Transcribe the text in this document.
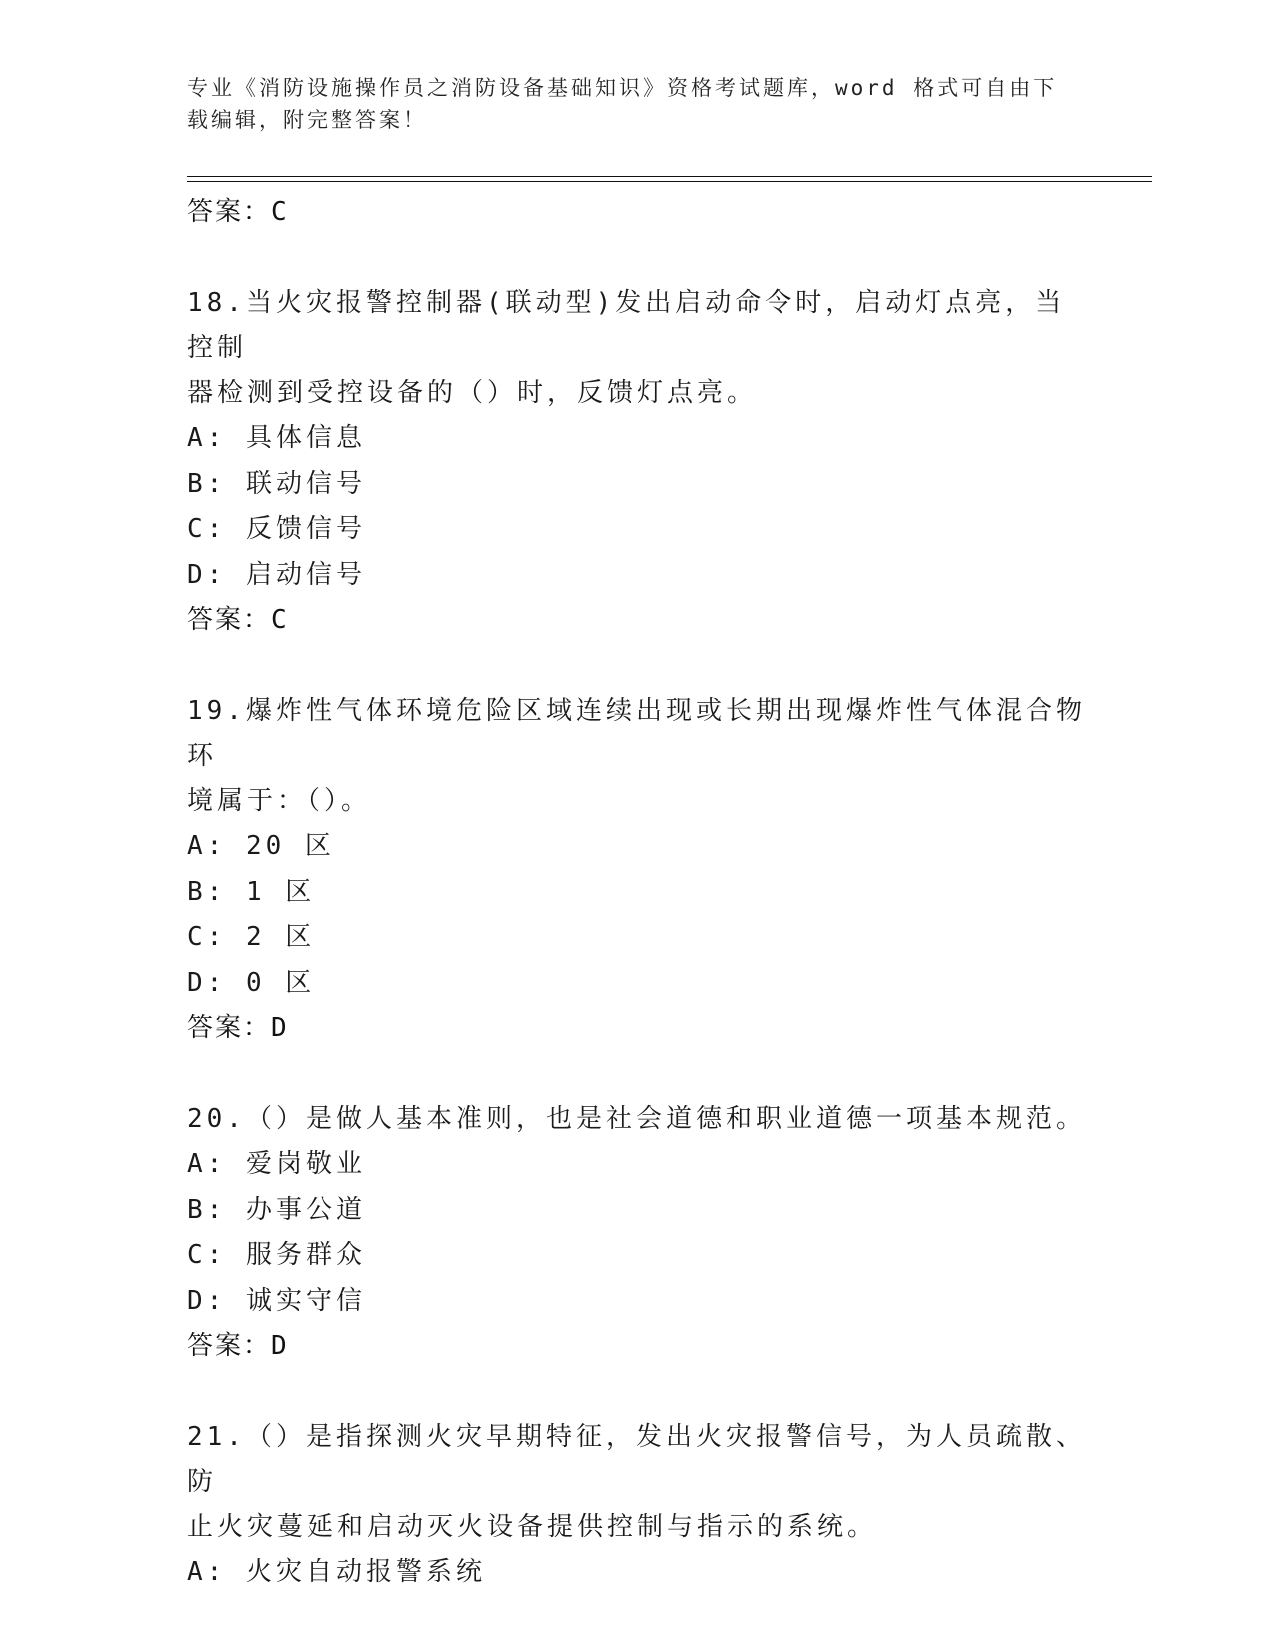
专业《消防设施操作员之消防设备基础知识》资格考试题库，word 格式可自由下
载编辑，附完整答案！
答案：C
18.当火灾报警控制器(联动型)发出启动命令时，启动灯点亮，当控制
器检测到受控设备的（）时，反馈灯点亮。
A: 具体信息
B: 联动信号
C: 反馈信号
D: 启动信号
答案：C
19.爆炸性气体环境危险区域连续出现或长期出现爆炸性气体混合物环
境属于：（）。
A: 20 区
B: 1 区
C: 2 区
D: 0 区
答案：D
20.（）是做人基本准则，也是社会道德和职业道德一项基本规范。
A: 爱岗敬业
B: 办事公道
C: 服务群众
D: 诚实守信
答案：D
21.（）是指探测火灾早期特征，发出火灾报警信号，为人员疏散、防
止火灾蔓延和启动灭火设备提供控制与指示的系统。
A: 火灾自动报警系统
